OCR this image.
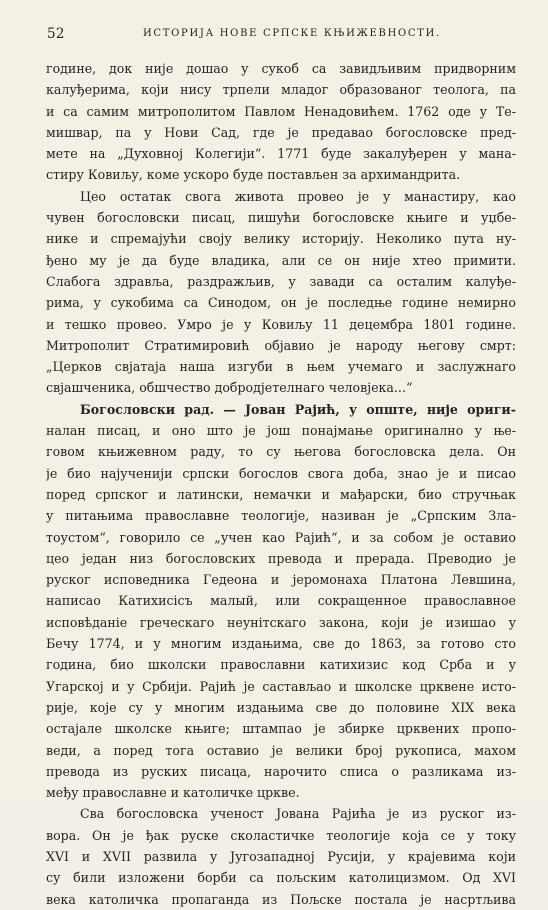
52	ИСТОРИЈА НОВЕ СРПСКЕ КЊИЖЕВНОСТИ.
године, док није дошао у сукоб са завидљивим придворним
калуђерима, који нису трпели младог образованог теолога, па
и са самим митрополитом Павлом Ненадовићем. 1762 оде у Те-
мишвар, па у Нови Сад, где је предавао богословске пред-
мете на „Духовној Колегији“. 1771 буде закалуђерен у мана-
стиру Ковиљу, коме ускоро буде постављен за архимандрита.
Цео остатак свога живота провео је у манастиру, као
чувен богословски писац, пишући богословске књиге и уџбе-
нике и спремајући своју велику историју. Неколико пута ну-
ђено му је да буде владика, али се он није хтео примити.
Слабога здравља, раздражљив, у завади са осталим калуђе-
рима, у сукобима са Синодом, он је последње године немирно
и тешко провео. Умро је у Ковиљу 11 децембра 1801 године.
Митрополит Стратимировић објавио је народу његову смрт:
„Церков свјатаја наша изгуби в њем учемаго и заслужнаго
свјашченика, обшчество добродјетелнаго человјека...“
Богословски рад. — Јован Рајић, у опште, није ориги-
налан писац, и оно што је још понајмање оригинално у ње-
говом књижевном раду, то су његова богословска дела. Он
је био најученији српски богослов свога доба, знао је и писао
поред српског и латински, немачки и мађарски, био стручњак
у питањима православне теологије, називан је „Српским Зла-
тоустом“, говорило се „учен као Рајић“, и за собом је оставио
цео један низ богословских превода и прерада. Преводио је
руског исповедника Гедеона и јеромонаха Платона Левшина,
написао Катихисісъ малый, или сокращенное православное
исповѣданіе греческаго неунітскаго закона, који је изишао у
Бечу 1774, и у многим издањима, све до 1863, за готово сто
година, био школски православни катихизис код Срба и у
Угарској и у Србији. Рајић је састављао и школске црквене исто-
рије, које су у многим издањима све до половине XIX века
остајале школске књиге; штампао је збирке црквених пропо-
веди, а поред тога оставио је велики број рукописа, махом
превода из руских писаца, нарочито списа о разликама из-
међу православне и католичке цркве.
Сва богословска ученост Јована Рајића је из руског из-
вора. Он је ђак руске сколастичке теологије која се у току
XVI и XVII развила у Југозападној Русији, у крајевима који
су били изложени борби са пољским католицизмом. Од XVI
века католичка пропаганда из Пољске постала је насртљива
